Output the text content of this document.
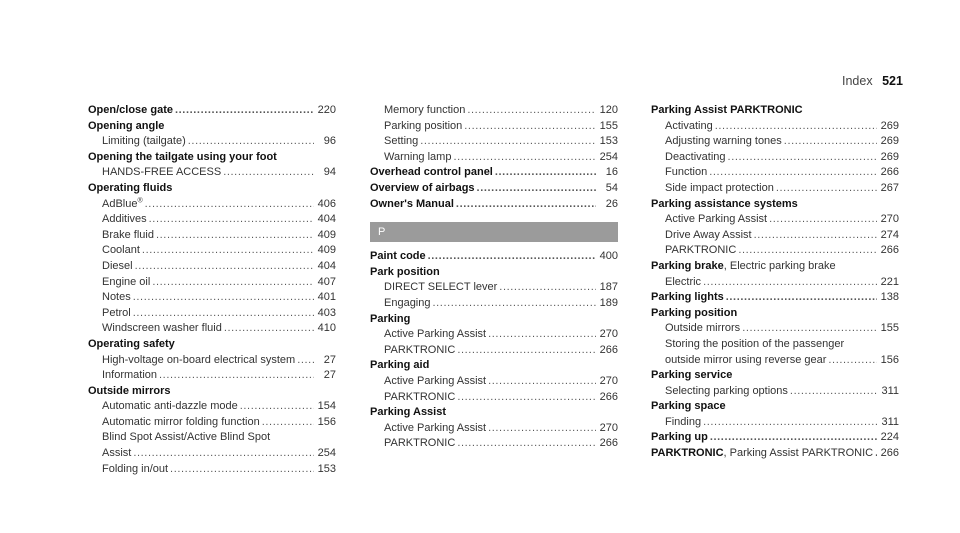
Index 521
Open/close gate .....	220
Opening angle
Limiting (tailgate) .....	96
Opening the tailgate using your foot
HANDS-FREE ACCESS .....	94
Operating fluids
AdBlue® .....	406
Additives .....	404
Brake fluid .....	409
Coolant .....	409
Diesel .....	404
Engine oil .....	407
Notes .....	401
Petrol .....	403
Windscreen washer fluid .....	410
Operating safety
High-voltage on-board electrical system .....	27
Information .....	27
Outside mirrors
Automatic anti-dazzle mode .....	154
Automatic mirror folding function .....	156
Blind Spot Assist/Active Blind Spot
Assist .....	254
Folding in/out .....	153
Memory function .....	120
Parking position .....	155
Setting .....	153
Warning lamp .....	254
Overhead control panel .....	16
Overview of airbags .....	54
Owner's Manual .....	26
P
Paint code .....	400
Park position
DIRECT SELECT lever .....	187
Engaging .....	189
Parking
Active Parking Assist .....	270
PARKTRONIC .....	266
Parking aid
Active Parking Assist .....	270
PARKTRONIC .....	266
Parking Assist
Active Parking Assist .....	270
PARKTRONIC .....	266
Parking Assist PARKTRONIC
Activating .....	269
Adjusting warning tones .....	269
Deactivating .....	269
Function .....	266
Side impact protection .....	267
Parking assistance systems
Active Parking Assist .....	270
Drive Away Assist .....	274
PARKTRONIC .....	266
Parking brake, Electric parking brake
Electric .....	221
Parking lights .....	138
Parking position
Outside mirrors .....	155
Storing the position of the passenger
outside mirror using reverse gear .....	156
Parking service
Selecting parking options .....	311
Parking space
Finding .....	311
Parking up .....	224
PARKTRONIC, Parking Assist PARKTRONIC ..... 266
